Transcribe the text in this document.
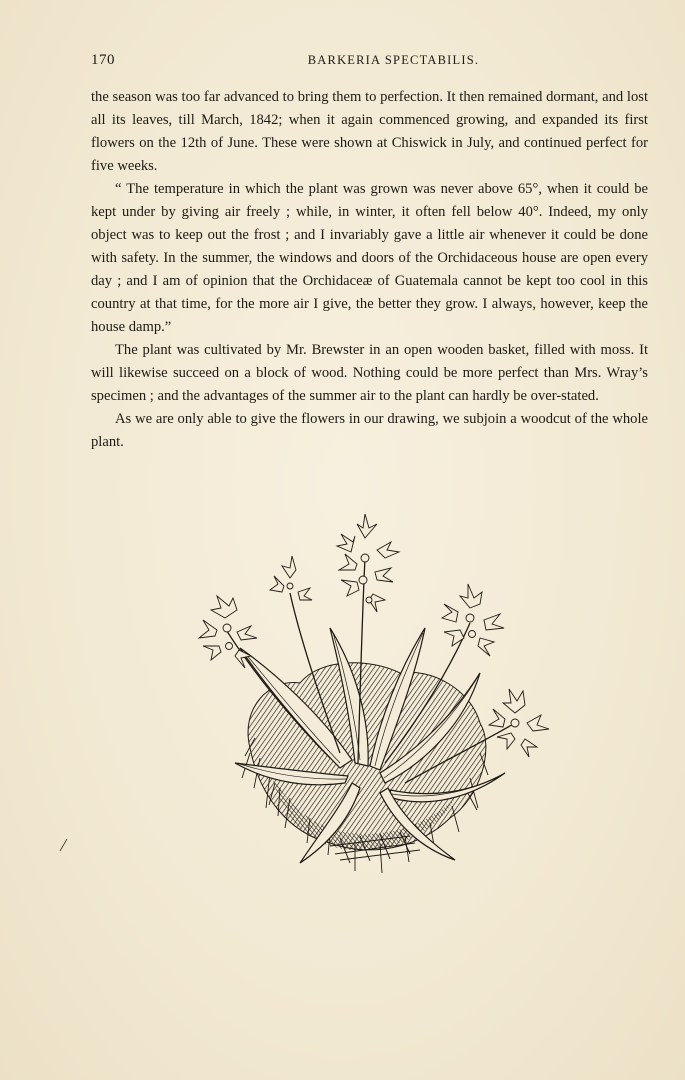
170	BARKERIA SPECTABILIS.

the season was too far advanced to bring them to perfection. It then remained dormant, and lost all its leaves, till March, 1842; when it again commenced growing, and expanded its first flowers on the 12th of June. These were shown at Chiswick in July, and continued perfect for five weeks.

“ The temperature in which the plant was grown was never above 65°, when it could be kept under by giving air freely ; while, in winter, it often fell below 40°. Indeed, my only object was to keep out the frost ; and I invariably gave a little air whenever it could be done with safety. In the summer, the windows and doors of the Orchidaceous house are open every day ; and I am of opinion that the Orchidaceæ of Guatemala cannot be kept too cool in this country at that time, for the more air I give, the better they grow. I always, however, keep the house damp.”

The plant was cultivated by Mr. Brewster in an open wooden basket, filled with moss. It will likewise succeed on a block of wood. Nothing could be more perfect than Mrs. Wray’s specimen ; and the advantages of the summer air to the plant can hardly be over-stated.

As we are only able to give the flowers in our drawing, we subjoin a woodcut of the whole plant.
